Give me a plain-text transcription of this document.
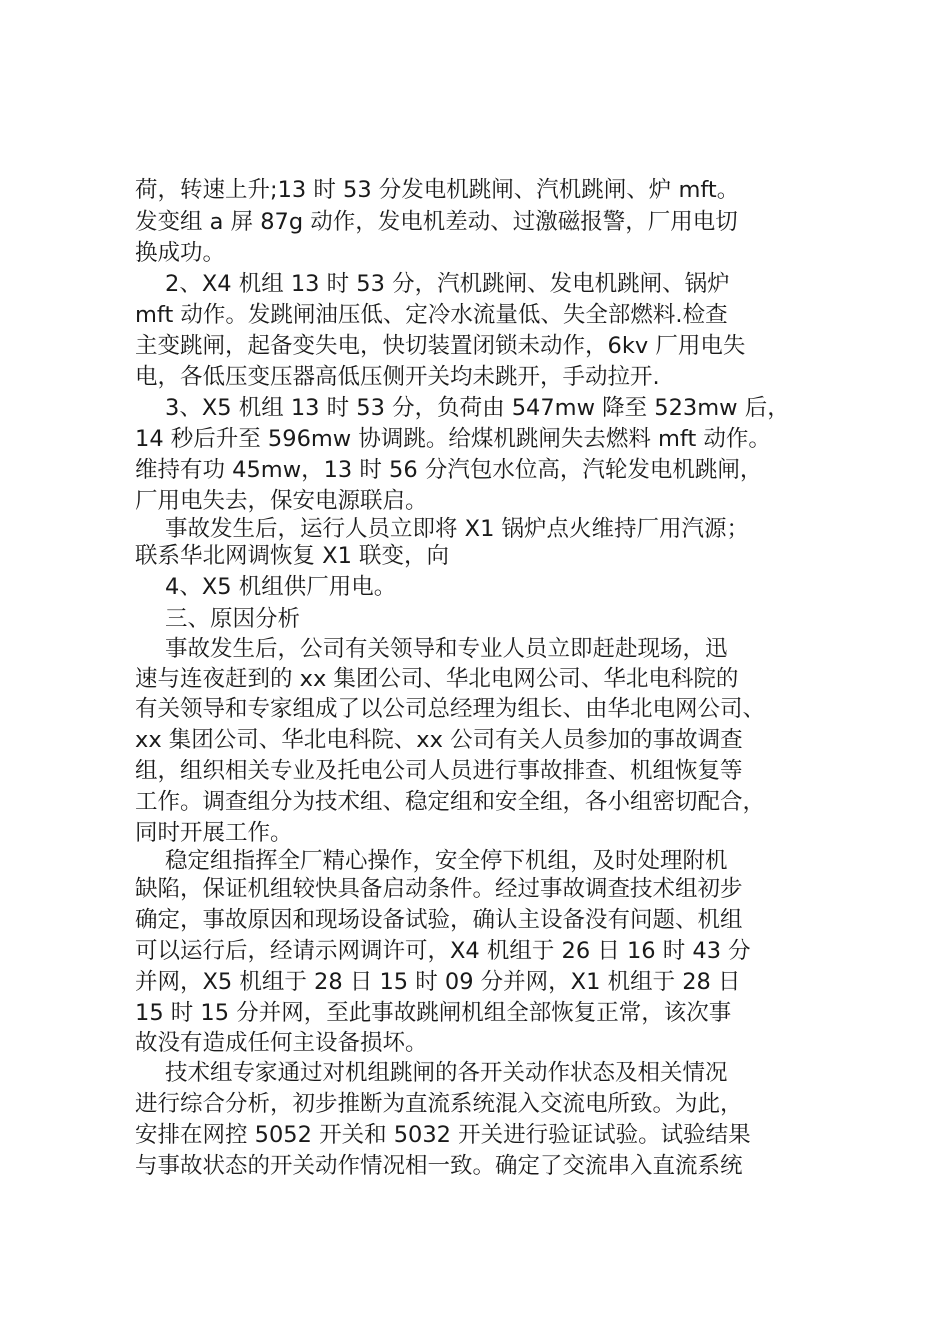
荷，转速上升;13 时 53 分发电机跳闸、汽机跳闸、炉 mft。
发变组 a 屏 87g 动作，发电机差动、过激磁报警，厂用电切
换成功。
2、X4 机组 13 时 53 分，汽机跳闸、发电机跳闸、锅炉
mft 动作。发跳闸油压低、定冷水流量低、失全部燃料.检查
主变跳闸，起备变失电，快切装置闭锁未动作，6kv 厂用电失
电，各低压变压器高低压侧开关均未跳开，手动拉开.
3、X5 机组 13 时 53 分，负荷由 547mw 降至 523mw 后，
14 秒后升至 596mw 协调跳。给煤机跳闸失去燃料 mft 动作。
维持有功 45mw，13 时 56 分汽包水位高，汽轮发电机跳闸，
厂用电失去，保安电源联启。
事故发生后，运行人员立即将 X1 锅炉点火维持厂用汽源；
联系华北网调恢复 X1 联变，向
4、X5 机组供厂用电。
三、原因分析
事故发生后，公司有关领导和专业人员立即赶赴现场，迅
速与连夜赶到的 xx 集团公司、华北电网公司、华北电科院的
有关领导和专家组成了以公司总经理为组长、由华北电网公司、
xx 集团公司、华北电科院、xx 公司有关人员参加的事故调查
组，组织相关专业及托电公司人员进行事故排查、机组恢复等
工作。调查组分为技术组、稳定组和安全组，各小组密切配合，
同时开展工作。
稳定组指挥全厂精心操作，安全停下机组，及时处理附机
缺陷，保证机组较快具备启动条件。经过事故调查技术组初步
确定，事故原因和现场设备试验，确认主设备没有问题、机组
可以运行后，经请示网调许可，X4 机组于 26 日 16 时 43 分
并网，X5 机组于 28 日 15 时 09 分并网，X1 机组于 28 日
15 时 15 分并网，至此事故跳闸机组全部恢复正常，该次事
故没有造成任何主设备损坏。
技术组专家通过对机组跳闸的各开关动作状态及相关情况
进行综合分析，初步推断为直流系统混入交流电所致。为此，
安排在网控 5052 开关和 5032 开关进行验证试验。试验结果
与事故状态的开关动作情况相一致。确定了交流串入直流系统
